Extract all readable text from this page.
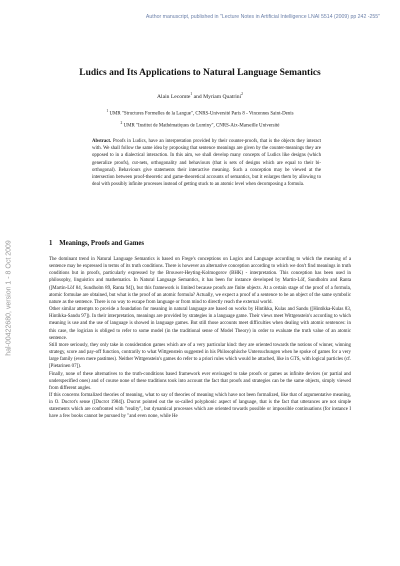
Author manuscript, published in "Lecture Notes in Artificial Intelligence LNAI 5514 (2009) pp 242 -255"
hal-00422680, version 1 - 8 Oct 2009
Ludics and Its Applications to Natural Language Semantics
Alain Lecomte$^1$ and Myriam Quatrini$^2$
$^1$ UMR "Structures Formelles de la Langue", CNRS-Université Paris 8 - Vincennes Saint-Denis
$^2$ UMR "Institut de Mathématiques de Luminy", CNRS-Aix-Marseille Université
Abstract. Proofs in Ludics, have an interpretation provided by their counter-proofs, that is the objects they interact with. We shall follow the same idea by proposing that sentence meanings are given by the counter-meanings they are opposed to in a dialectical interaction. In this aim, we shall develop many concepts of Ludics like designs (which generalize proofs), cut-nets, orthogonality and behaviours (that is sets of designs which are equal to their bi-orthogonal). Behaviours give statements their interactive meaning. Such a conception may be viewed at the intersection between proof-theoretic and game-theoretical accounts of semantics, but it enlarges them by allowing to deal with possibly infinite processes instead of getting stuck to an atomic level when decomposing a formula.
1 Meanings, Proofs and Games

The dominant trend in Natural Language Semantics is based on Frege's conceptions on Logics and Language according to which the meaning of a sentence may be expressed in terms of its truth conditions. There is however an alternative conception according to which we don't find meanings in truth conditions but in proofs, particularly expressed by the Brouwer-Heyting-Kolmogorov (BHK) - interpretation. This conception has been used in philosophy, linguistics and mathematics. In Natural Language Semantics, it has been for instance developed by Martin-Löf, Sundholm and Ranta ([Martin-Löf 84, Sundholm 89, Ranta 94]), but this framework is limited because proofs are finite objects. At a certain stage of the proof of a formula, atomic formulae are obtained, but what is the proof of an atomic formula? Actually, we expect a proof of a sentence to be an object of the same symbolic nature as the sentence. There is no way to escape from language or from mind to directly reach the external world.

Other similar attempts to provide a foundation for meaning in natural language are based on works by Hintikka, Kulas and Sandu ([Hintikka-Kulas 83, Hintikka-Sandu 97]). In their interpretation, meanings are provided by strategies in a language game. Their views meet Wittgenstein's according to which meaning is use and the use of language is showed in language games. But still those accounts meet difficulties when dealing with atomic sentences: in this case, the logician is obliged to refer to some model (in the traditional sense of Model Theory) in order to evaluate the truth value of an atomic sentence.

Still more seriously, they only take in consideration games which are of a very particular kind: they are oriented towards the notions of winner, winning strategy, score and pay-off function, contrarily to what Wittgenstein suggested in his Philosophische Untersuchungen when he spoke of games for a very large family (even mere pastimes). Neither Wittgenstein's games do refer to a priori rules which would be attached, like in GTS, with logical particles (cf. [Pietarinen 07]).

Finally, none of these alternatives to the truth-conditions based framework ever envisaged to take proofs or games as infinite devices (or partial and underspecified ones) and of course none of these traditions took into account the fact that proofs and strategies can be the same objects, simply viewed from different angles.

If this concerns formalized theories of meaning, what to say of theories of meaning which have not been formalized, like that of argumentative meaning, in O. Ducrot's sense ([Ducrot 1984]). Ducrot pointed out the so-called polyphonic aspect of language, that is the fact that utterances are not simple statements which are confronted with "reality", but dynamical processes which are oriented towards possible or impossible continuations (for instance I have a few books cannot be pursued by "and even none, while He
